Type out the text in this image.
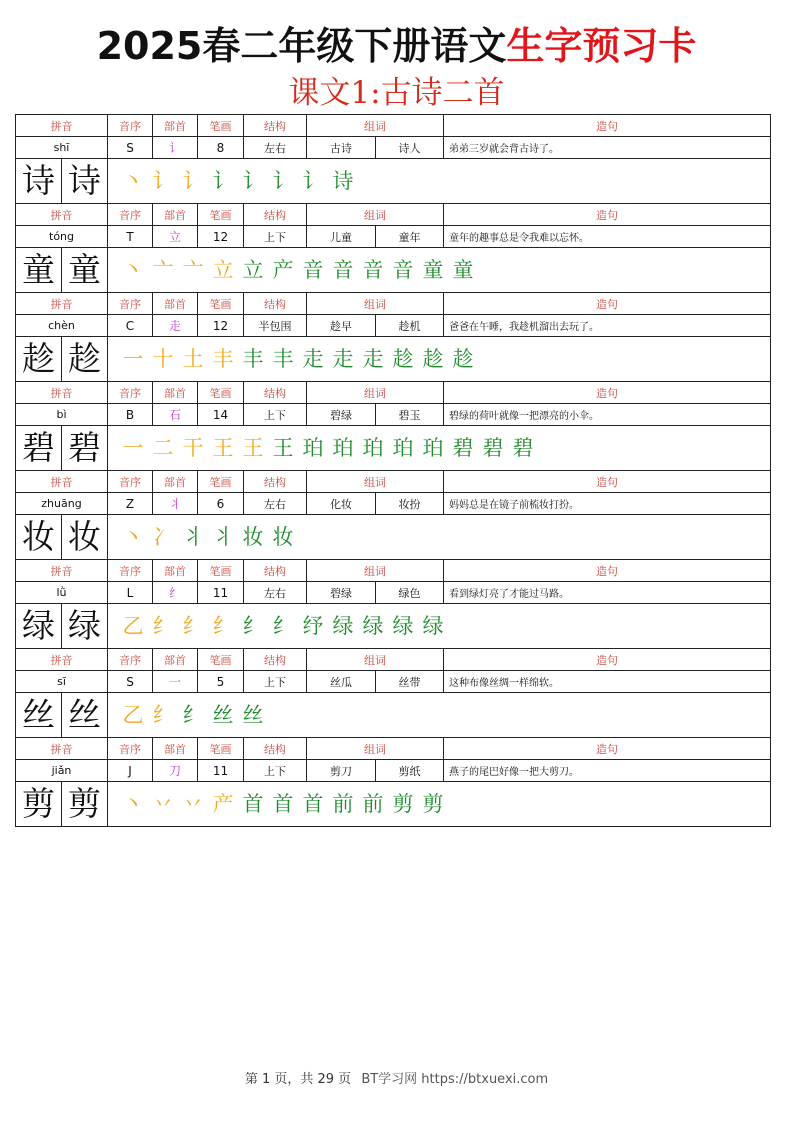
2025春二年级下册语文生字预习卡
课文1:古诗二首
拼音		音序	部首	笔画	结构	组词		造句
shī		S	讠	8	左右	古诗	诗人	弟弟三岁就会背古诗了。
诗	诗	丶 讠 讠 讠 讠 讠 讠 诗						
拼音		音序	部首	笔画	结构	组词		造句
tóng		T	立	12	上下	儿童	童年	童年的趣事总是令我难以忘怀。
童	童	丶 亠 亠 立 立 产 音 音 音 音 童 童						
拼音		音序	部首	笔画	结构	组词		造句
chèn		C	走	12	半包围	趁早	趁机	爸爸在午睡，我趁机溜出去玩了。
趁	趁	一 十 土 丰 丰 丰 走 走 走 趁 趁 趁						
拼音		音序	部首	笔画	结构	组词		造句
bì		B	石	14	上下	碧绿	碧玉	碧绿的荷叶就像一把漂亮的小伞。
碧	碧	一 二 干 王 王 王 珀 珀 珀 珀 珀 碧 碧 碧						
拼音		音序	部首	笔画	结构	组词		造句
zhuāng		Z	丬	6	左右	化妆	妆扮	妈妈总是在镜子前梳妆打扮。
妆	妆	丶 冫 丬 丬 妆 妆						
拼音		音序	部首	笔画	结构	组词		造句
lǜ		L	纟	11	左右	碧绿	绿色	看到绿灯亮了才能过马路。
绿	绿	乙 纟 纟 纟 纟 纟 纾 绿 绿 绿 绿						
拼音		音序	部首	笔画	结构	组词		造句
sī		S	一	5	上下	丝瓜	丝带	这种布像丝绸一样绵软。
丝	丝	乙 纟 纟 丝 丝						
拼音		音序	部首	笔画	结构	组词		造句
jiǎn		J	刀	11	上下	剪刀	剪纸	燕子的尾巴好像一把大剪刀。
剪	剪	丶 丷 丷 产 首 首 首 前 前 剪 剪						
第 1 页，共 29 页 BT学习网 https://btxuexi.com
